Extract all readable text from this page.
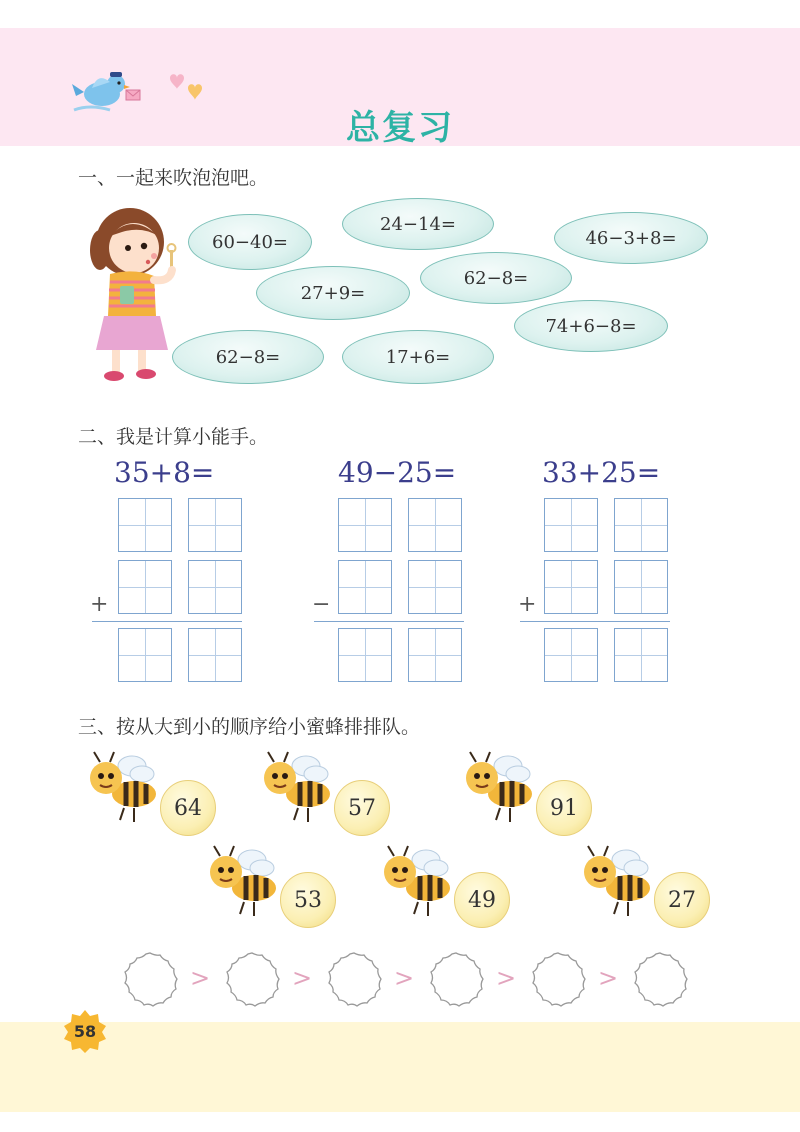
总复习
一、一起来吹泡泡吧。
60−40=
24−14=
46−3+8=
27+9=
62−8=
74+6−8=
62−8=	17+6=
二、我是计算小能手。
35+8=
+
49−25=
−
33+25=
+
三、按从大到小的顺序给小蜜蜂排排队。
64	57	91
53	49	27
>	>	>	>	>
58
